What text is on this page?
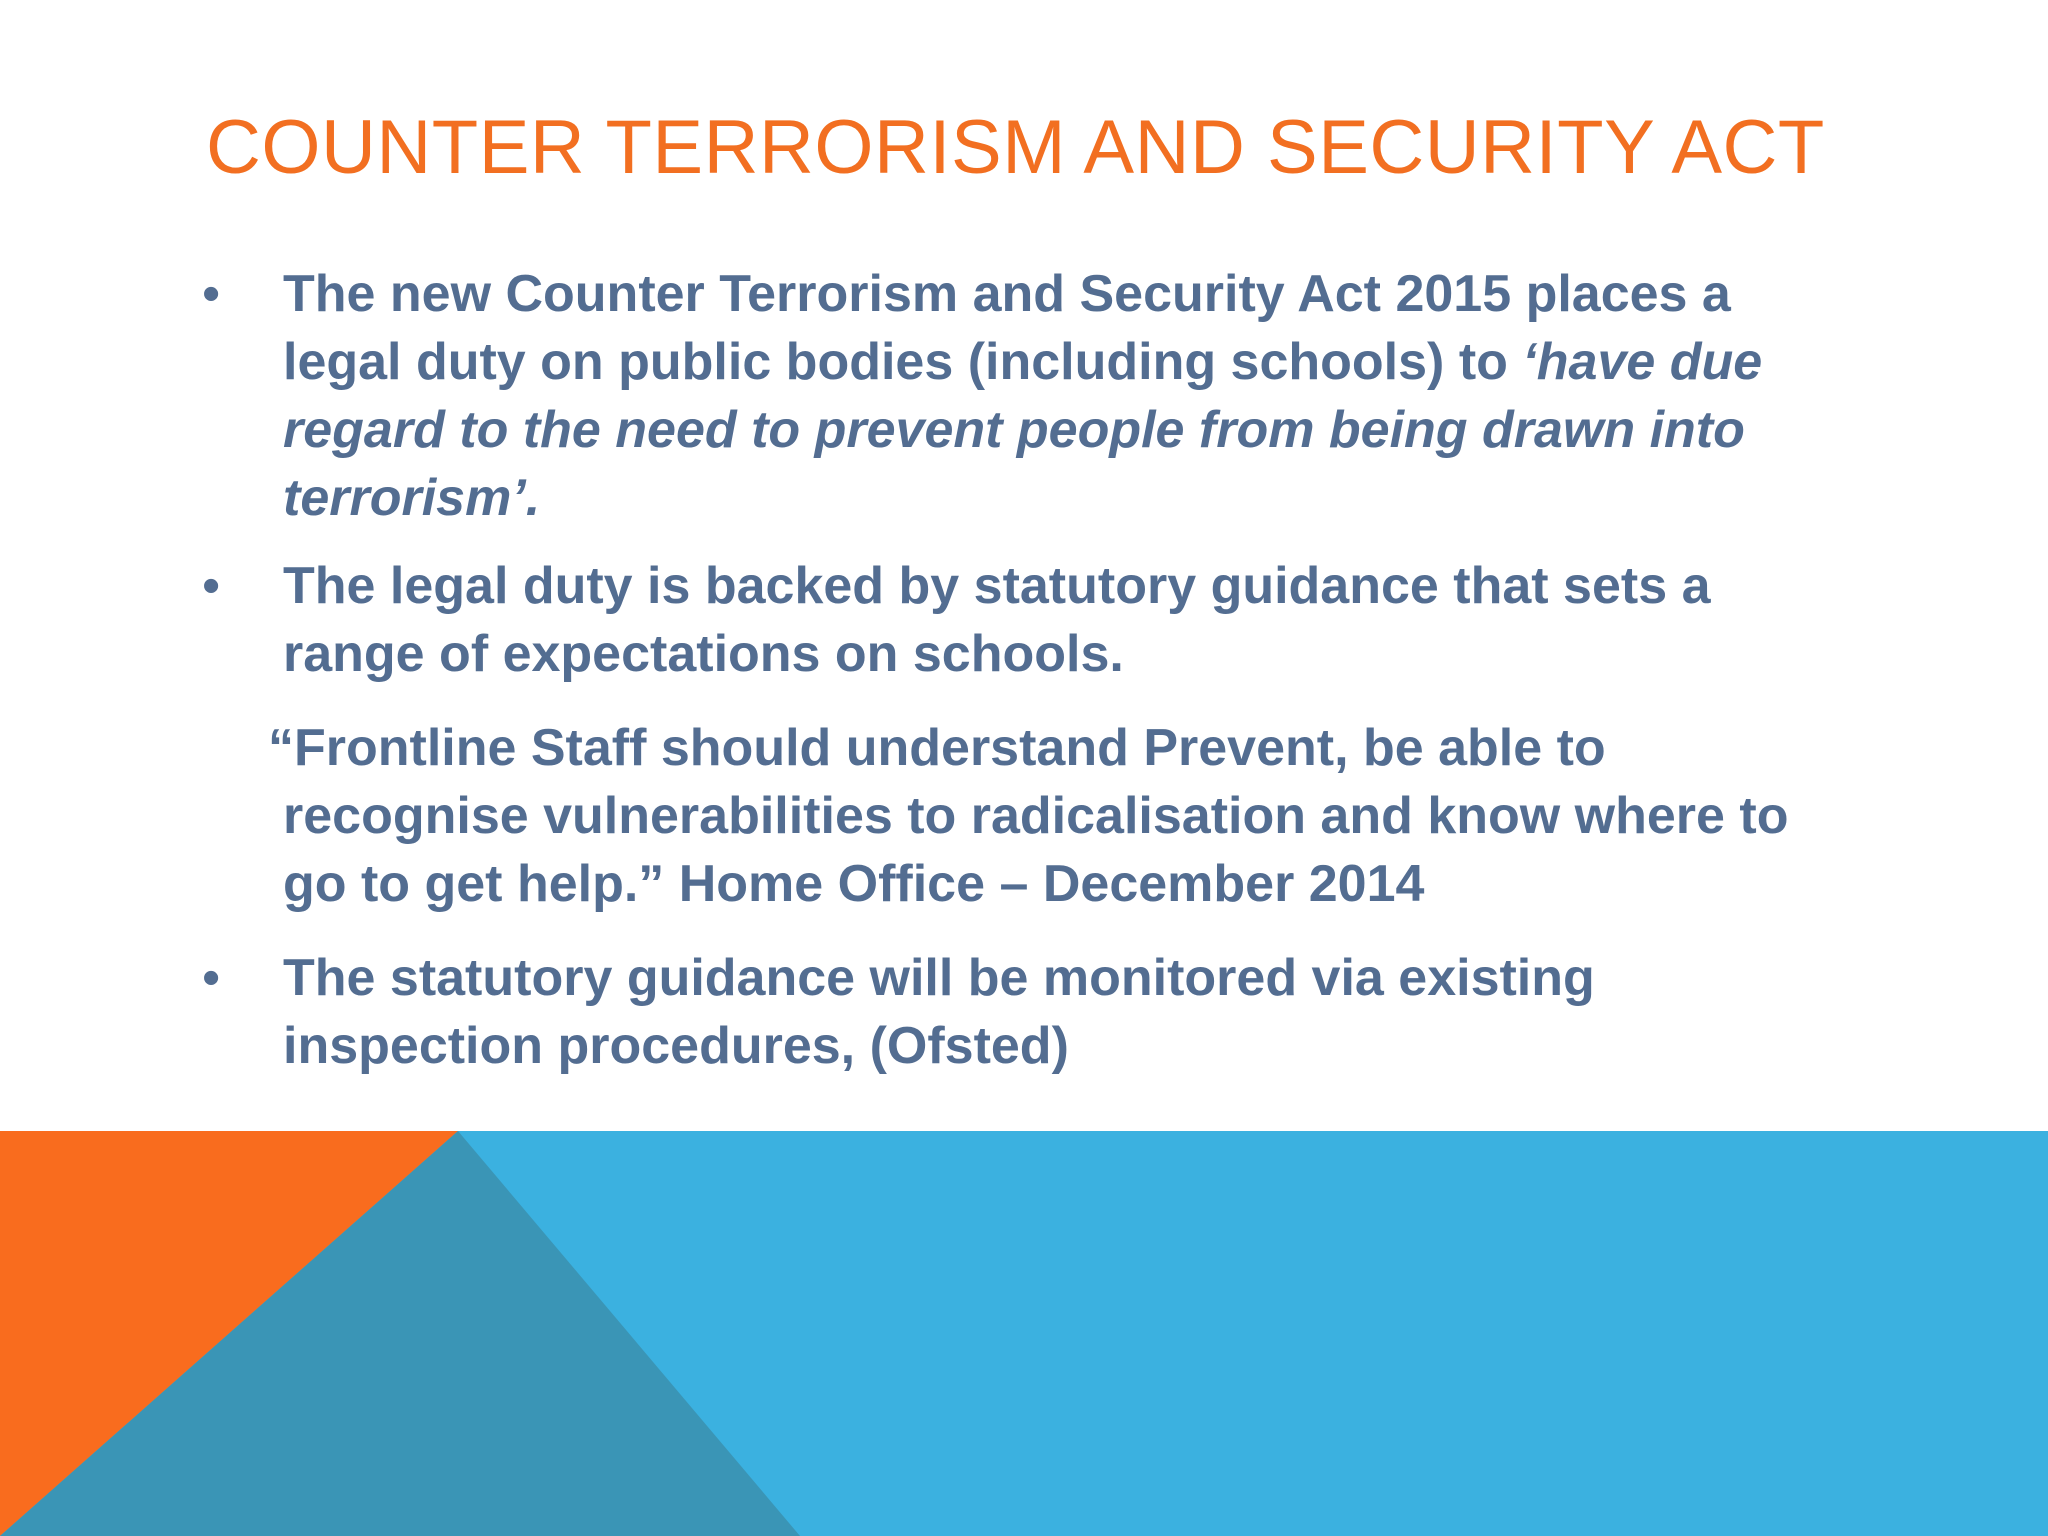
COUNTER TERRORISM AND SECURITY ACT

• The new Counter Terrorism and Security Act 2015 places a legal duty on public bodies (including schools) to ‘have due regard to the need to prevent people from being drawn into terrorism’.

• The legal duty is backed by statutory guidance that sets a range of expectations on schools.

“Frontline Staff should understand Prevent, be able to
recognise vulnerabilities to radicalisation and know where to go to get help.” Home Office – December 2014

• The statutory guidance will be monitored via existing inspection procedures, (Ofsted)
